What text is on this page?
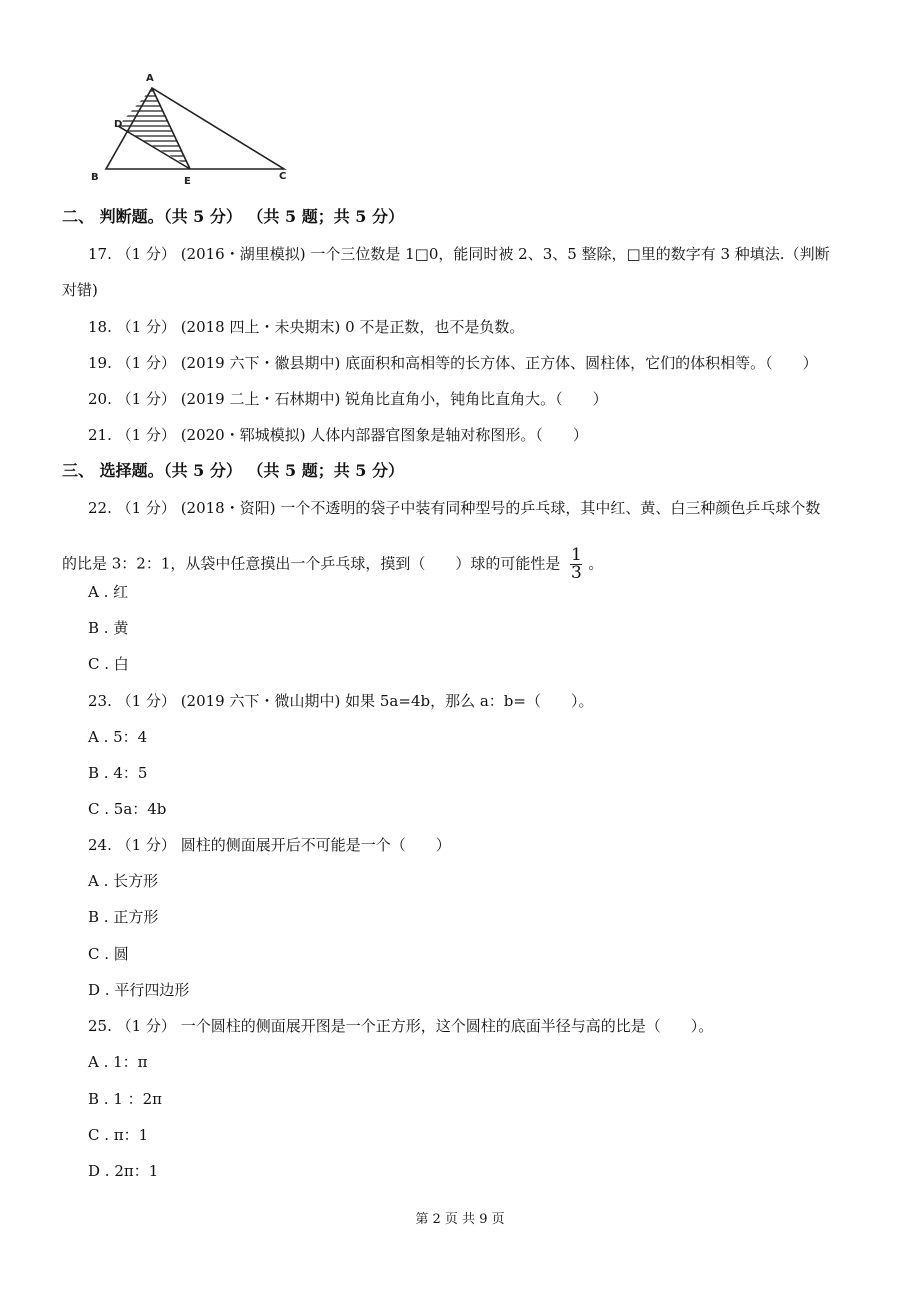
A
D
B	E	C
二、 判断题。（共 5 分） （共 5 题；共 5 分）
17. （1 分） (2016・湖里模拟) 一个三位数是 1□0，能同时被 2、3、5 整除，□里的数字有 3 种填法.（判断
对错)
18. （1 分） (2018 四上・未央期末) 0 不是正数，也不是负数。
19. （1 分） (2019 六下・徽县期中) 底面积和高相等的长方体、正方体、圆柱体，它们的体积相等。（　　）
20. （1 分） (2019 二上・石林期中) 锐角比直角小，钝角比直角大。（　　）
21. （1 分） (2020・郓城模拟) 人体内部器官图象是轴对称图形。（　　）
三、 选择题。（共 5 分） （共 5 题；共 5 分）
22. （1 分） (2018・资阳) 一个不透明的袋子中装有同种型号的乒乓球，其中红、黄、白三种颜色乒乓球个数
的比是 3：2：1，从袋中任意摸出一个乒乓球，摸到（　　）球的可能性是 $\frac{1}{3}$ 。
A . 红
B . 黄
C . 白
23. （1 分） (2019 六下・微山期中) 如果 5a=4b，那么 a：b=（　　）。
A . 5：4
B . 4：5
C . 5a：4b
24. （1 分） 圆柱的侧面展开后不可能是一个（　　）
A . 长方形
B . 正方形
C . 圆
D . 平行四边形
25. （1 分） 一个圆柱的侧面展开图是一个正方形，这个圆柱的底面半径与高的比是（　　）。
A . 1：π
B . 1 ：2π
C . π：1
D . 2π：1
第 2 页 共 9 页
